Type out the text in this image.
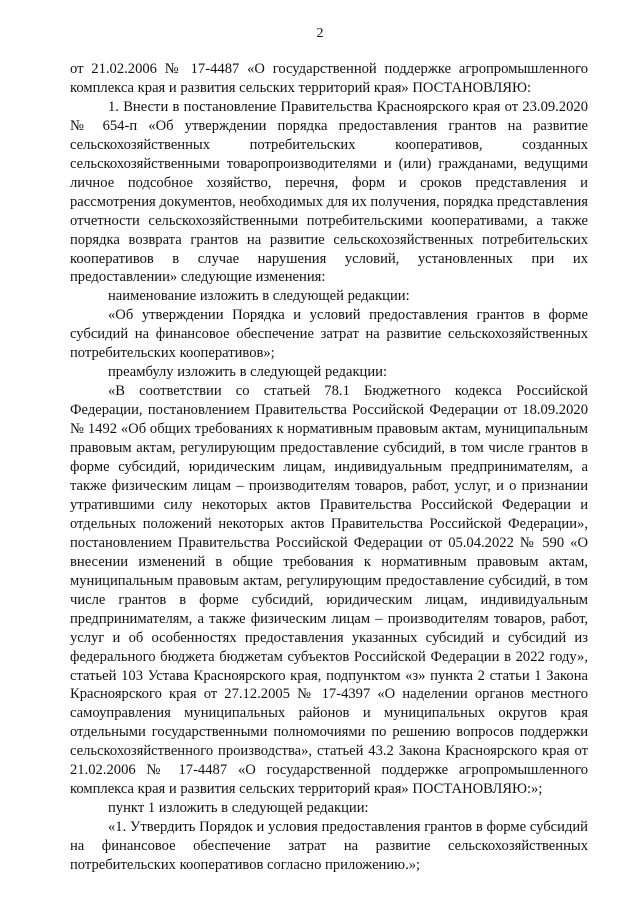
2

от 21.02.2006 № 17-4487 «О государственной поддержке агропромышленного комплекса края и развития сельских территорий края» ПОСТАНОВЛЯЮ:

1. Внести в постановление Правительства Красноярского края от 23.09.2020 № 654-п «Об утверждении порядка предоставления грантов на развитие сельскохозяйственных потребительских кооперативов, созданных сельскохозяйственными товаропроизводителями и (или) гражданами, ведущими личное подсобное хозяйство, перечня, форм и сроков представления и рассмотрения документов, необходимых для их получения, порядка представления отчетности сельскохозяйственными потребительскими кооперативами, а также порядка возврата грантов на развитие сельскохозяйственных потребительских кооперативов в случае нарушения условий, установленных при их предоставлении» следующие изменения:

наименование изложить в следующей редакции:

«Об утверждении Порядка и условий предоставления грантов в форме субсидий на финансовое обеспечение затрат на развитие сельскохозяйственных потребительских кооперативов»;

преамбулу изложить в следующей редакции:

«В соответствии со статьей 78.1 Бюджетного кодекса Российской Федерации, постановлением Правительства Российской Федерации от 18.09.2020 № 1492 «Об общих требованиях к нормативным правовым актам, муниципальным правовым актам, регулирующим предоставление субсидий, в том числе грантов в форме субсидий, юридическим лицам, индивидуальным предпринимателям, а также физическим лицам – производителям товаров, работ, услуг, и о признании утратившими силу некоторых актов Правительства Российской Федерации и отдельных положений некоторых актов Правительства Российской Федерации», постановлением Правительства Российской Федерации от 05.04.2022 № 590 «О внесении изменений в общие требования к нормативным правовым актам, муниципальным правовым актам, регулирующим предоставление субсидий, в том числе грантов в форме субсидий, юридическим лицам, индивидуальным предпринимателям, а также физическим лицам – производителям товаров, работ, услуг и об особенностях предоставления указанных субсидий и субсидий из федерального бюджета бюджетам субъектов Российской Федерации в 2022 году», статьей 103 Устава Красноярского края, подпунктом «з» пункта 2 статьи 1 Закона Красноярского края от 27.12.2005 № 17-4397 «О наделении органов местного самоуправления муниципальных районов и муниципальных округов края отдельными государственными полномочиями по решению вопросов поддержки сельскохозяйственного производства», статьей 43.2 Закона Красноярского края от 21.02.2006 № 17-4487 «О государственной поддержке агропромышленного комплекса края и развития сельских территорий края» ПОСТАНОВЛЯЮ:»;

пункт 1 изложить в следующей редакции:

«1. Утвердить Порядок и условия предоставления грантов в форме субсидий на финансовое обеспечение затрат на развитие сельскохозяйственных потребительских кооперативов согласно приложению.»;
